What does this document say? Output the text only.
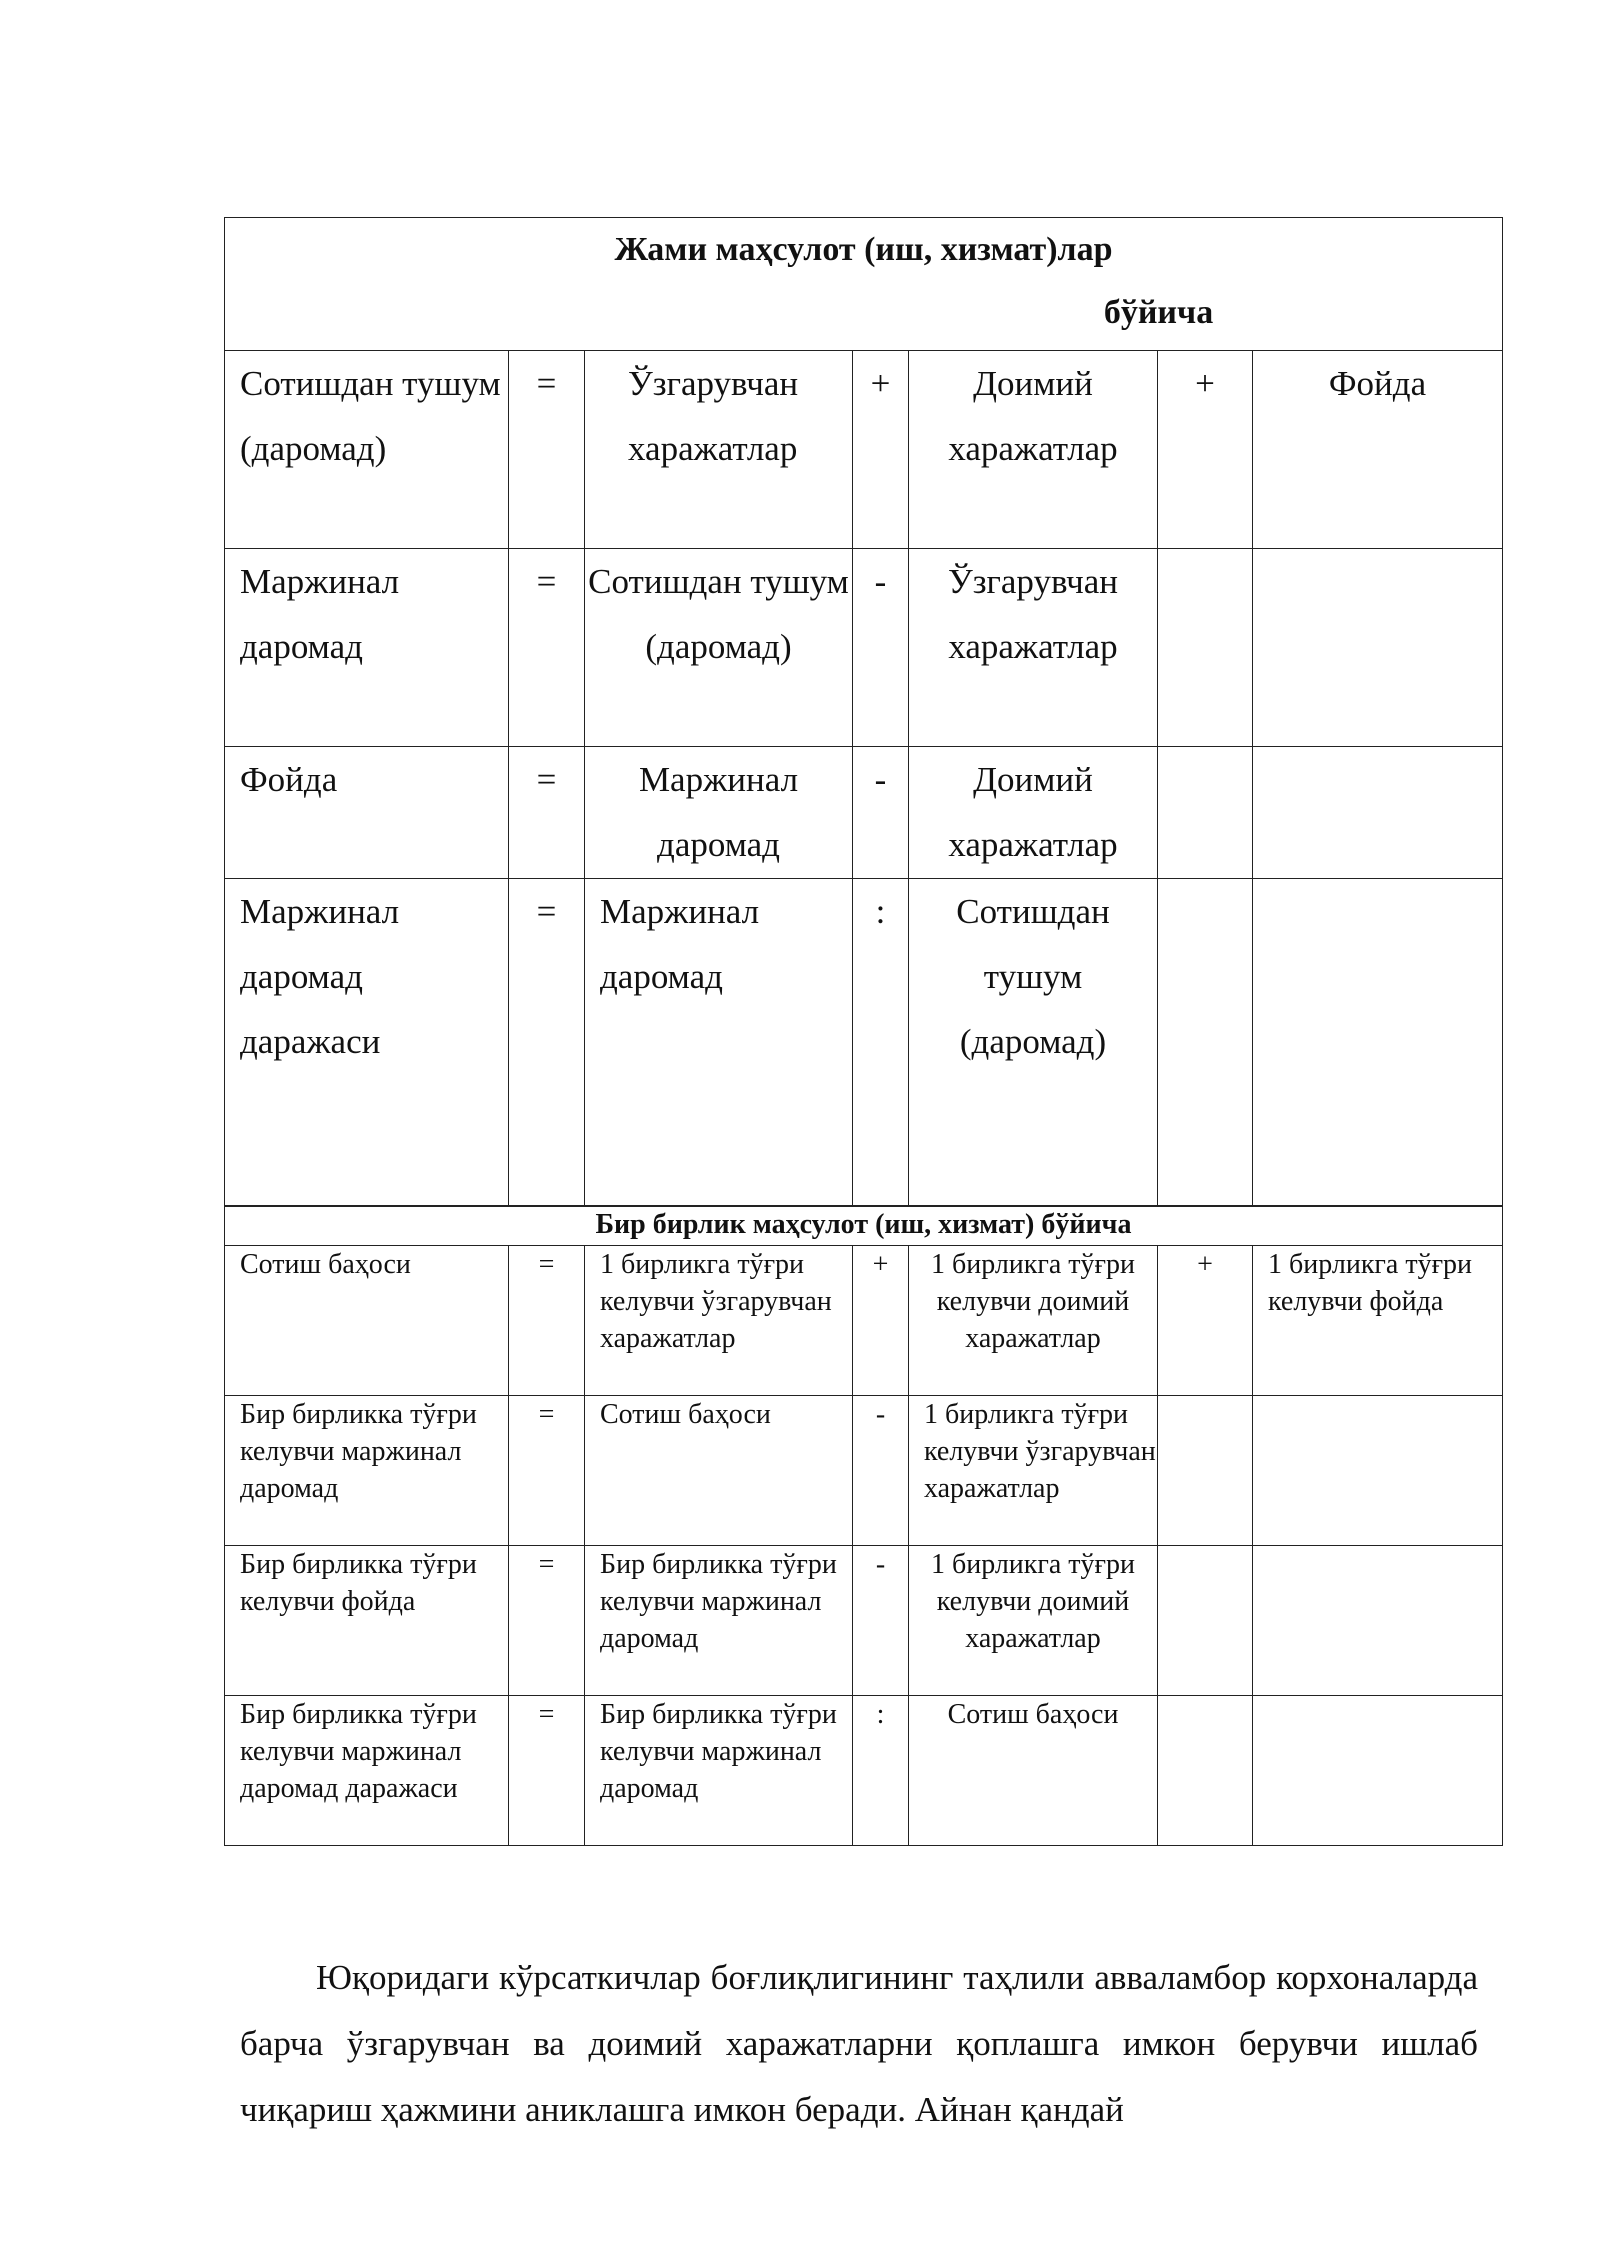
Жами маҳсулот (иш, хизмат)лар
бўйича						

Сотишдан тушум (даромад)	=	Ўзгарувчан харажатлар	+	Доимий харажатлар	+	Фойда
Маржинал даромад	=	Сотишдан тушум (даромад)	-	Ўзгарувчан харажатлар		
Фойда	=	Маржинал даромад	-	Доимий харажатлар		
Маржинал даромад даражаси	=	Маржинал даромад	:	Сотишдан тушум (даромад)		
Бир бирлик маҳсулот (иш, хизмат) бўйича						
Сотиш баҳоси	=	1 бирликга тўғри келувчи ўзгарувчан харажатлар	+	1 бирликга тўғри келувчи доимий харажатлар	+	1 бирликга тўғри келувчи фойда
Бир бирликка тўғри келувчи маржинал даромад	=	Сотиш баҳоси	-	1 бирликга тўғри келувчи ўзгарувчан харажатлар		
Бир бирликка тўғри келувчи фойда	=	Бир бирликка тўғри келувчи маржинал даромад	-	1 бирликга тўғри келувчи доимий харажатлар		
Бир бирликка тўғри келувчи маржинал даромад даражаси	=	Бир бирликка тўғри келувчи маржинал даромад	:	Сотиш баҳоси		

Юқоридаги кўрсаткичлар боғлиқлигининг таҳлили авваламбор корхоналарда барча ўзгарувчан ва доимий харажатларни қоплашга имкон берувчи ишлаб чиқариш ҳажмини аниклашга имкон беради. Айнан қандай
